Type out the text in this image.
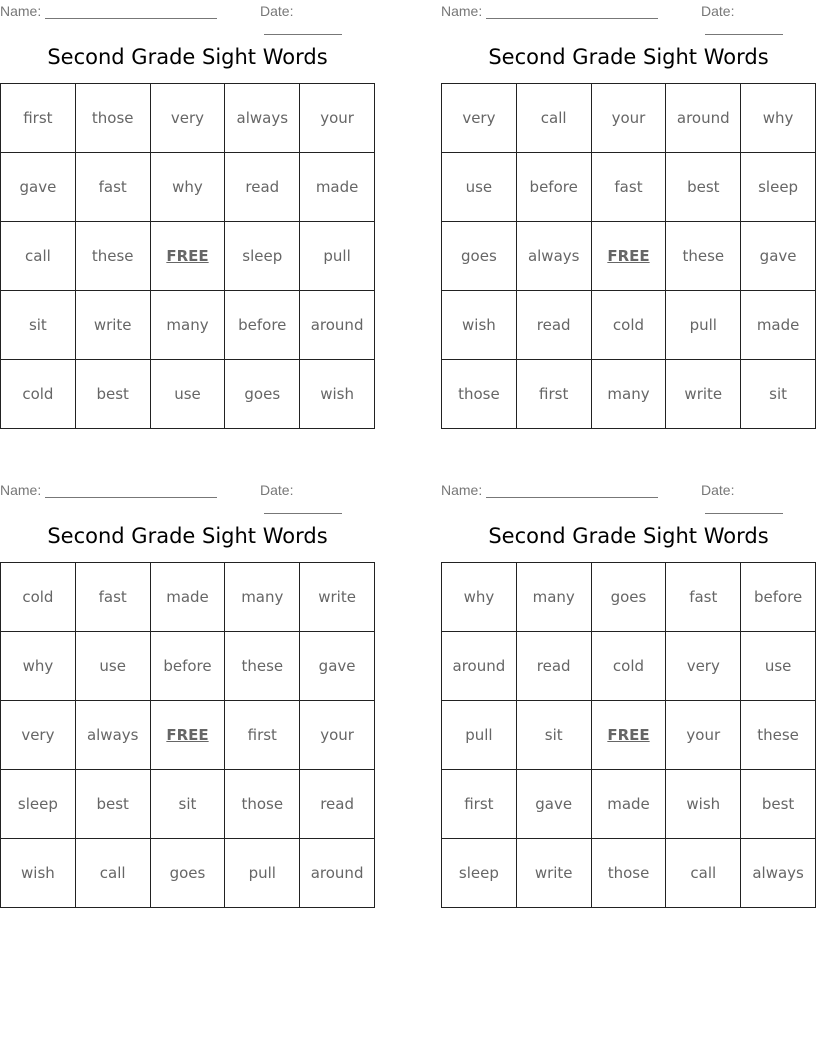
Name:	Date:
Second Grade Sight Words
first	those	very	always	your
gave	fast	why	read	made
call	these	FREE	sleep	pull
sit	write	many	before	around
cold	best	use	goes	wish
Name:	Date:
Second Grade Sight Words
very	call	your	around	why
use	before	fast	best	sleep
goes	always	FREE	these	gave
wish	read	cold	pull	made
those	first	many	write	sit
Name:	Date:
Second Grade Sight Words
cold	fast	made	many	write
why	use	before	these	gave
very	always	FREE	first	your
sleep	best	sit	those	read
wish	call	goes	pull	around
Name:	Date:
Second Grade Sight Words
why	many	goes	fast	before
around	read	cold	very	use
pull	sit	FREE	your	these
first	gave	made	wish	best
sleep	write	those	call	always
